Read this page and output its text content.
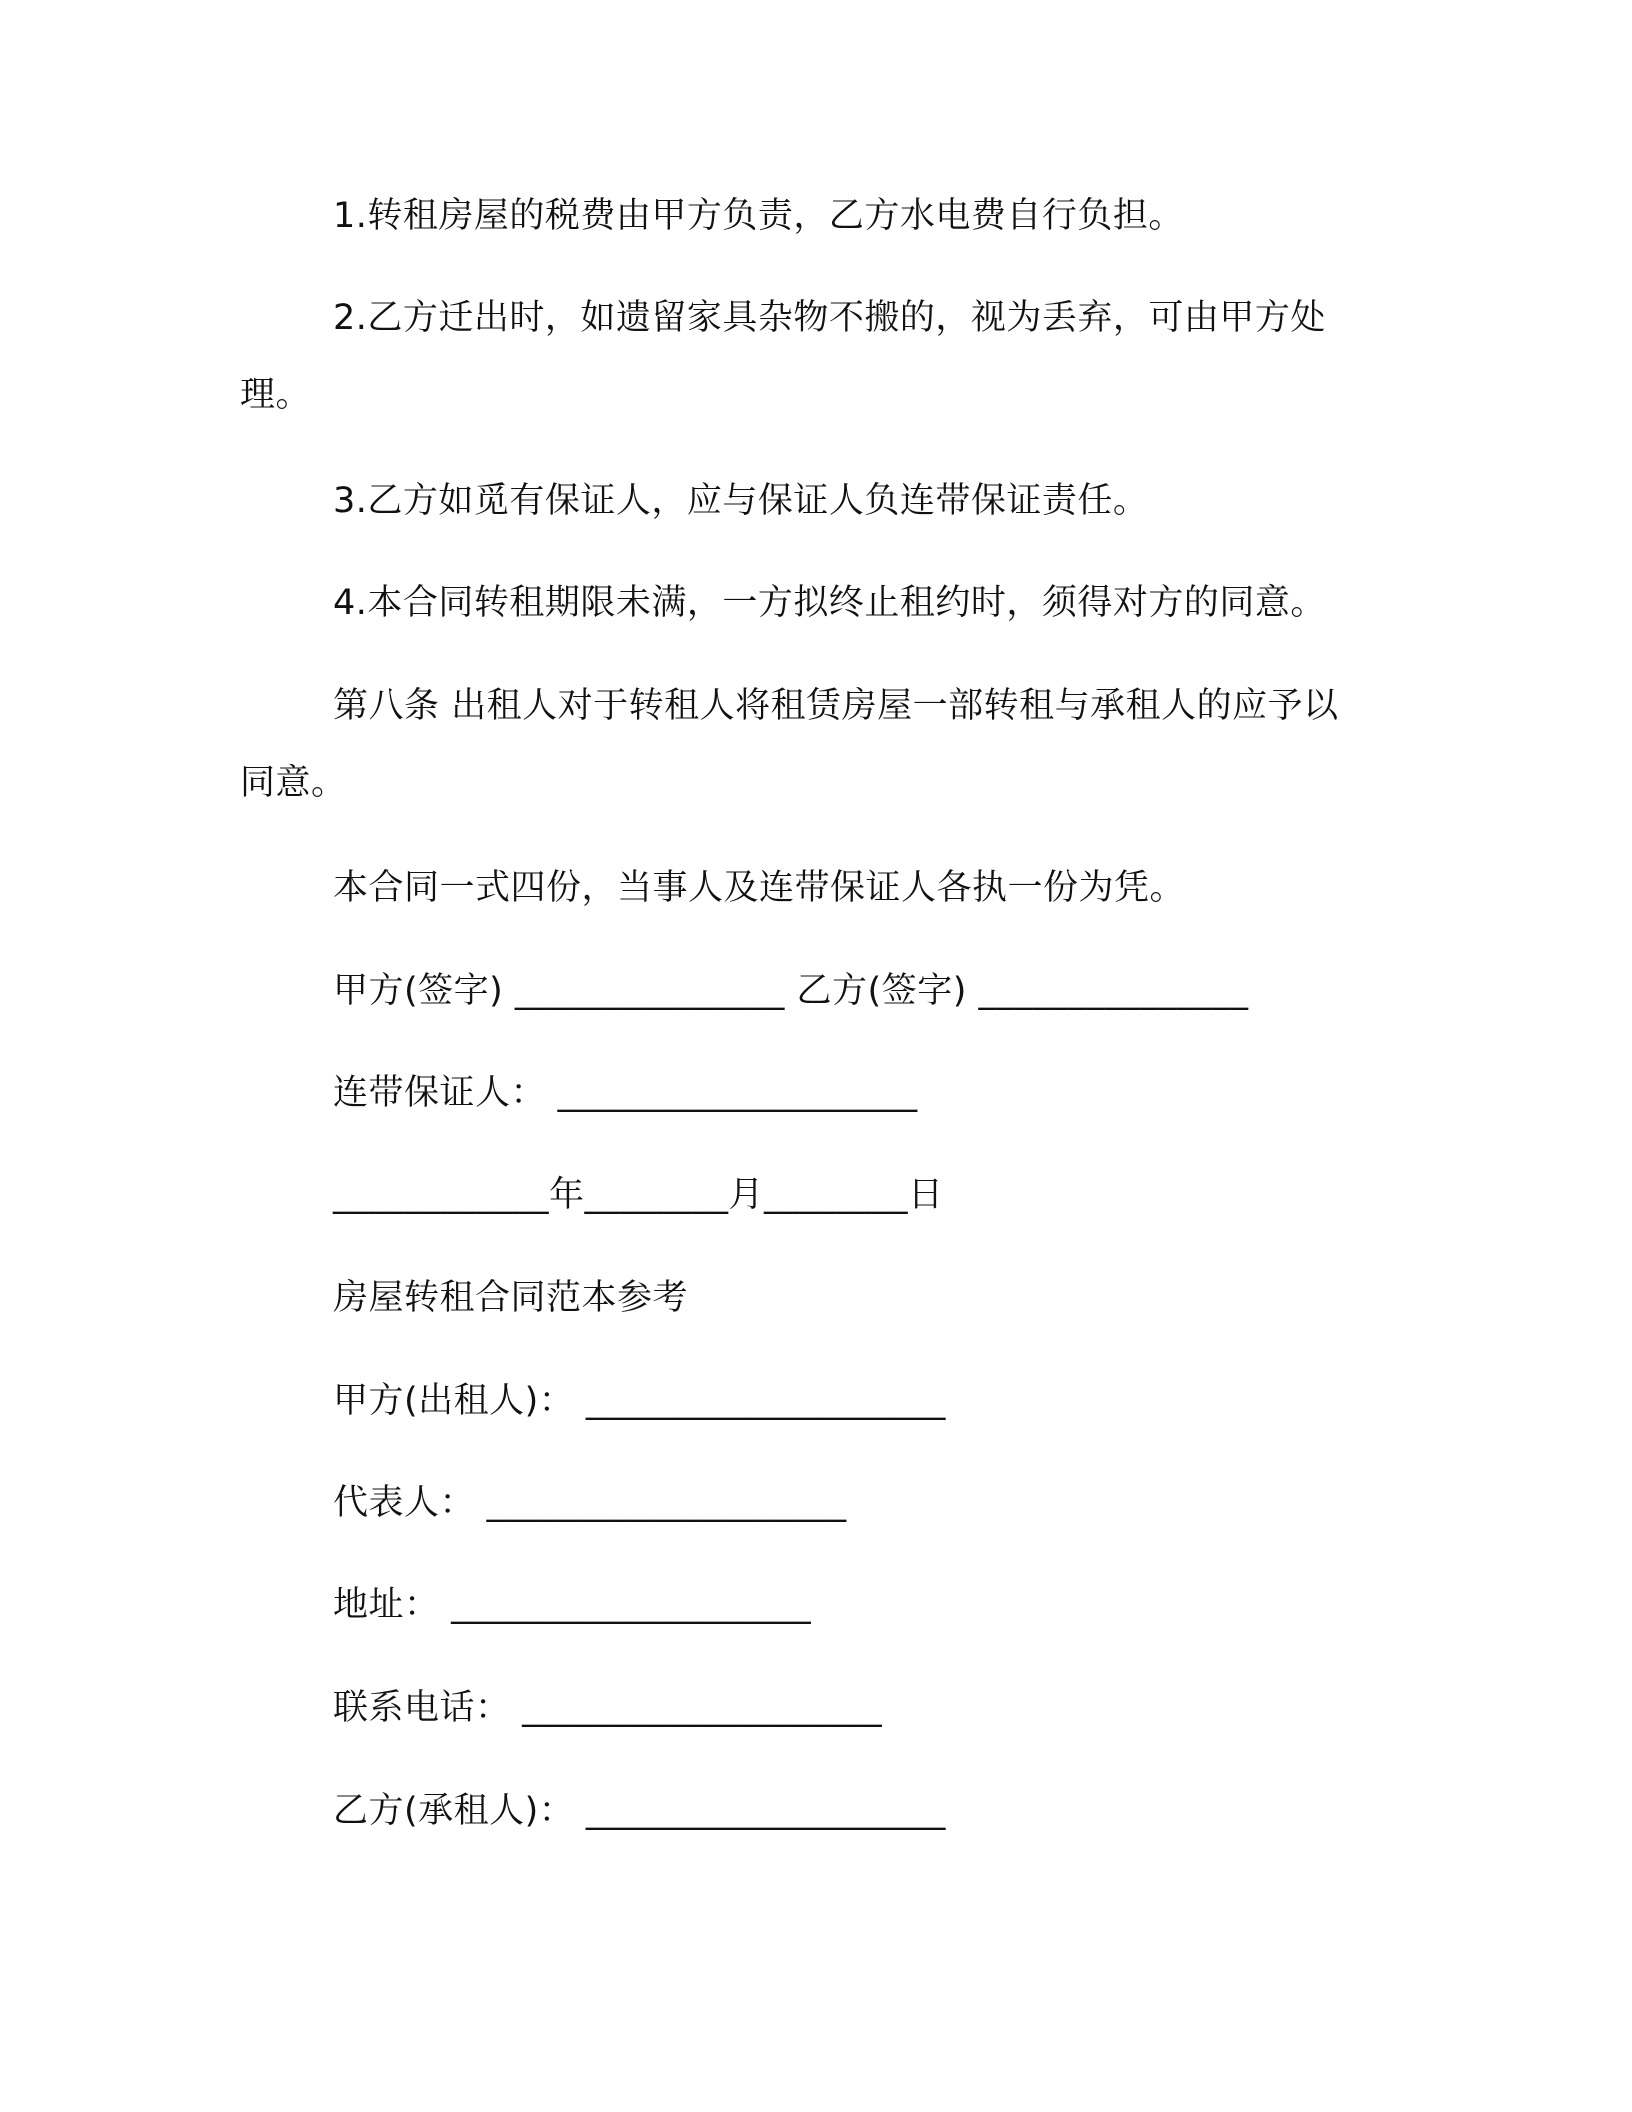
1.转租房屋的税费由甲方负责，乙方水电费自行负担。
2.乙方迁出时，如遗留家具杂物不搬的，视为丢弃，可由甲方处
理。
3.乙方如觅有保证人，应与保证人负连带保证责任。
4.本合同转租期限未满，一方拟终止租约时，须得对方的同意。
第八条 出租人对于转租人将租赁房屋一部转租与承租人的应予以
同意。
本合同一式四份，当事人及连带保证人各执一份为凭。
甲方(签字) _______________ 乙方(签字) _______________
连带保证人： ____________________
____________年________月________日
房屋转租合同范本参考
甲方(出租人)： ____________________
代表人： ____________________
地址： ____________________
联系电话： ____________________
乙方(承租人)： ____________________
